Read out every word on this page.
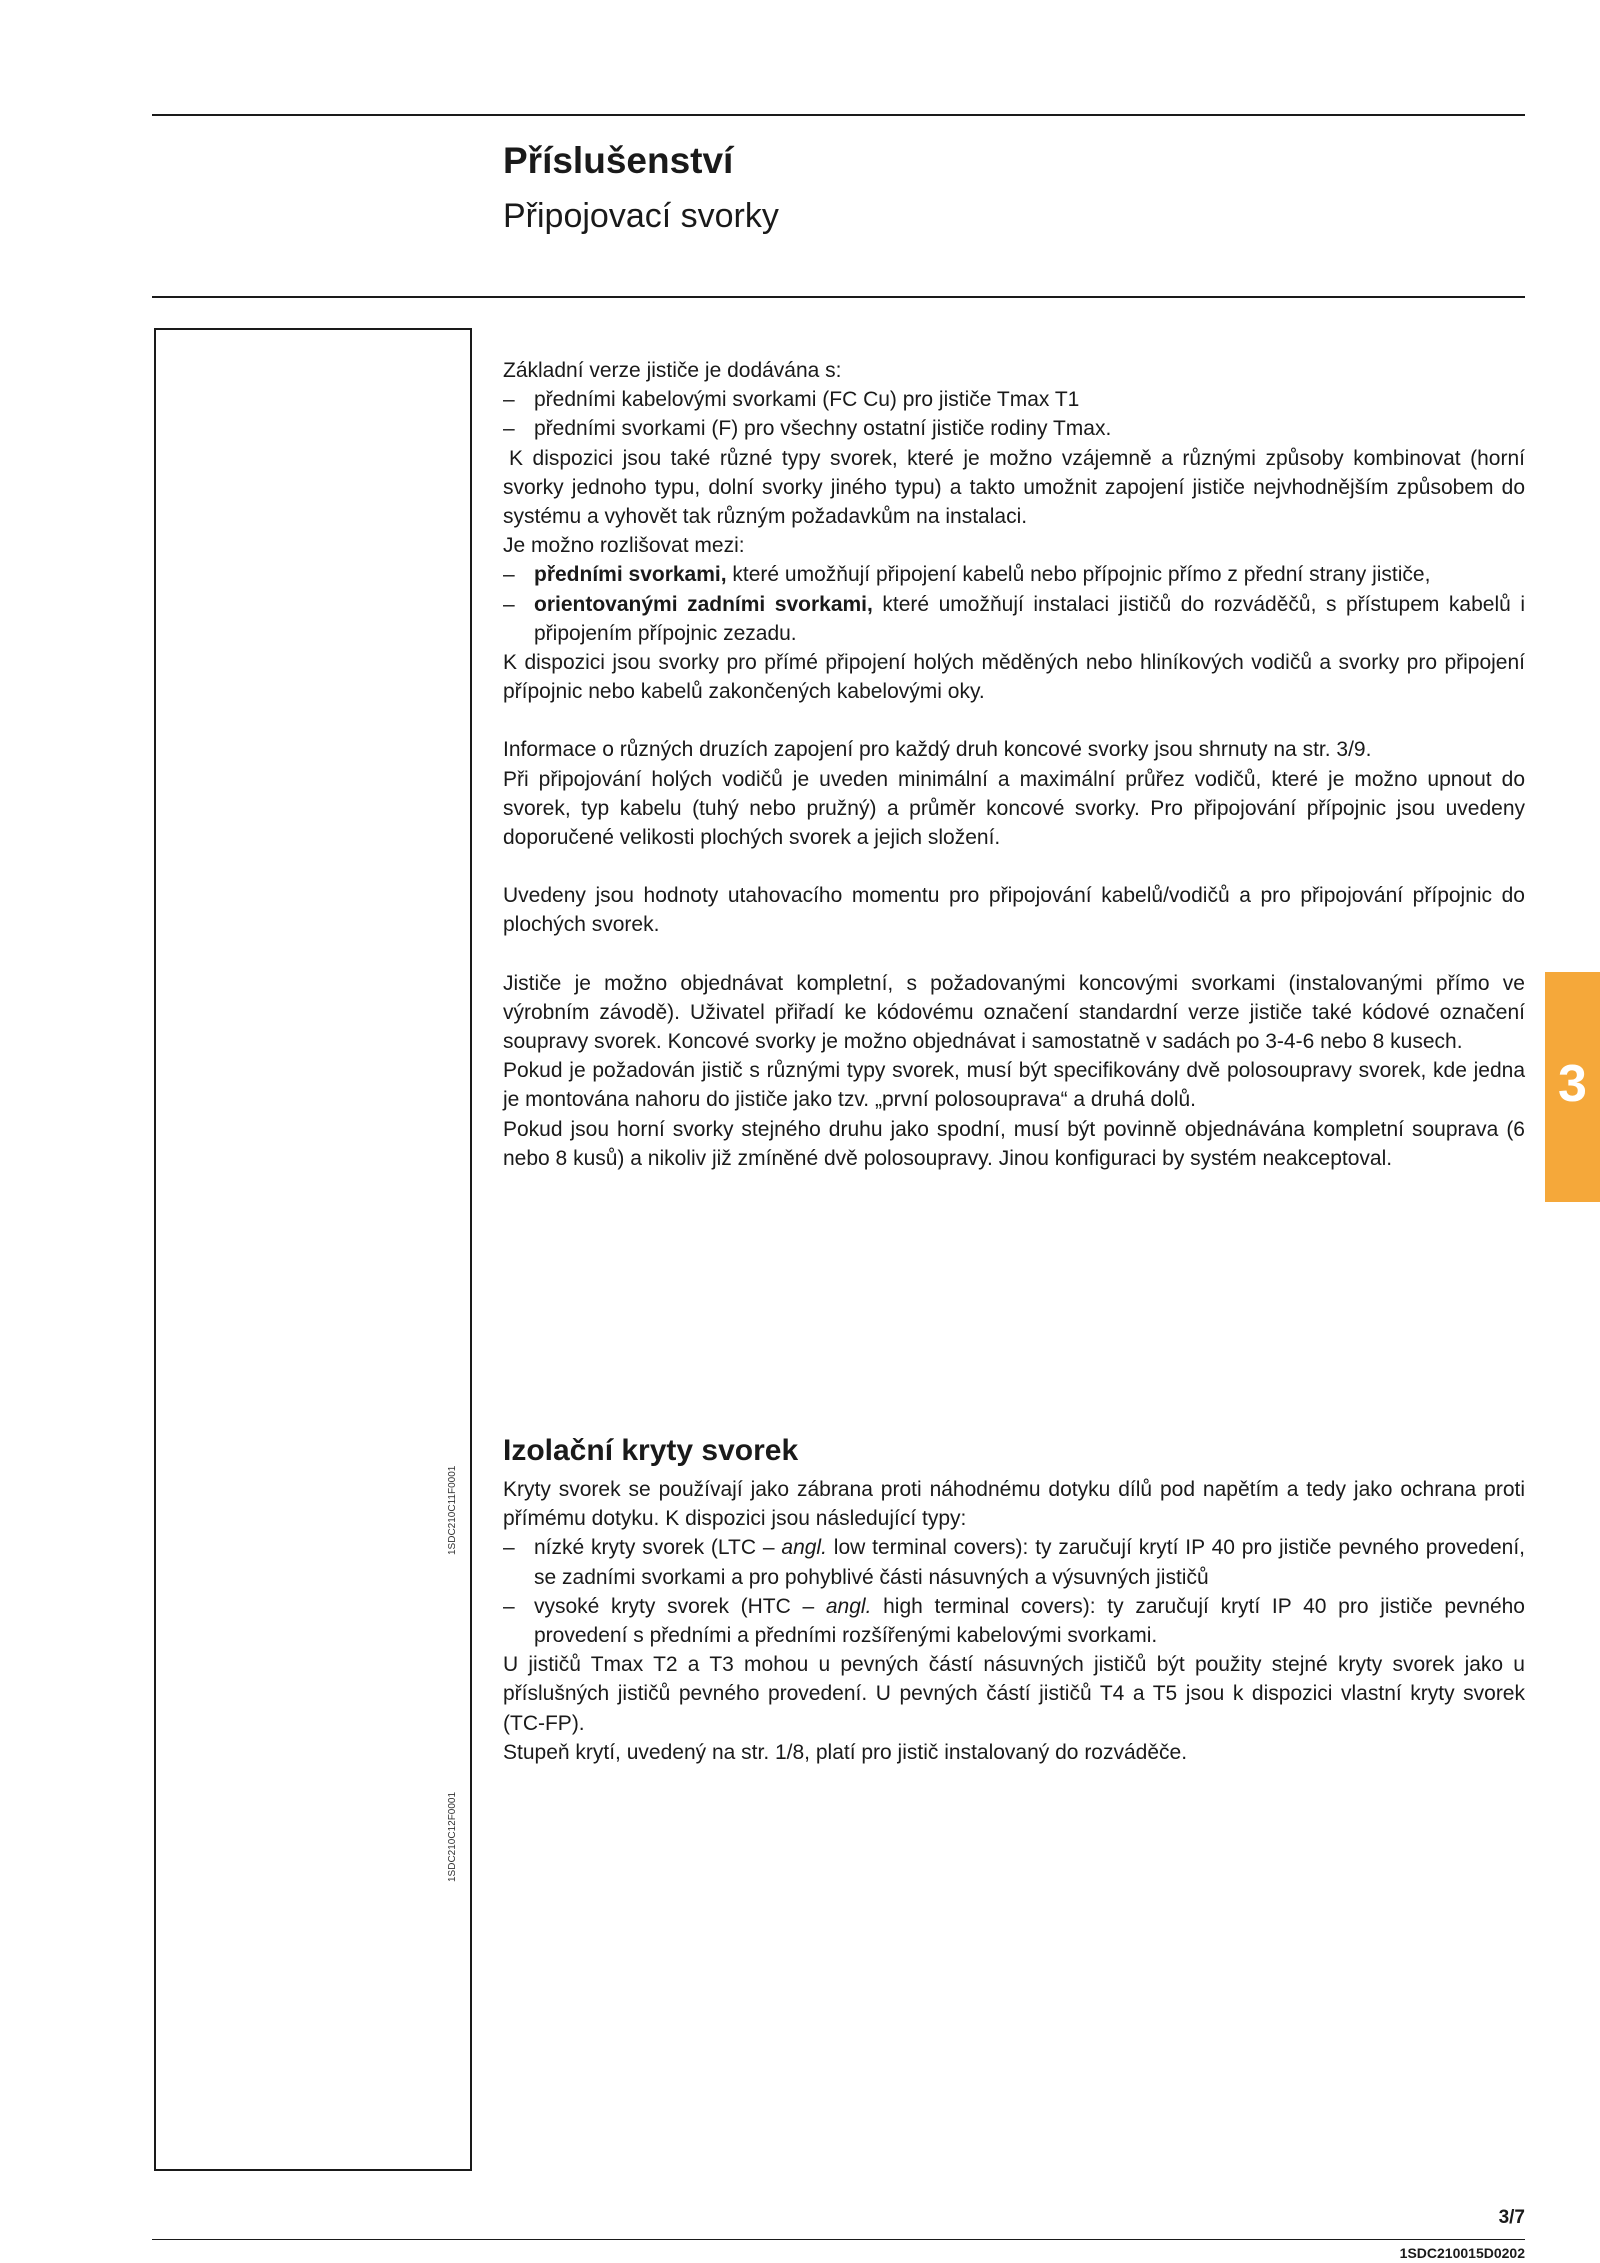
Příslušenství
Připojovací svorky
1SDC210C11F0001
1SDC210C12F0001

Základní verze jističe je dodávána s:

– předními kabelovými svorkami (FC Cu) pro jističe Tmax T1

– předními svorkami (F) pro všechny ostatní jističe rodiny Tmax.

K dispozici jsou také různé typy svorek, které je možno vzájemně a různými způsoby kombinovat (horní svorky jednoho typu, dolní svorky jiného typu) a takto umožnit zapojení jističe nejvhodnějším způsobem do systému a vyhovět tak různým požadavkům na instalaci.

Je možno rozlišovat mezi:

– předními svorkami, které umožňují připojení kabelů nebo přípojnic přímo z přední strany jističe,

– orientovanými zadními svorkami, které umožňují instalaci jističů do rozváděčů, s přístupem kabelů i připojením přípojnic zezadu.

K dispozici jsou svorky pro přímé připojení holých měděných nebo hliníkových vodičů a svorky pro připojení přípojnic nebo kabelů zakončených kabelovými oky.

Informace o různých druzích zapojení pro každý druh koncové svorky jsou shrnuty na str. 3/9.

Při připojování holých vodičů je uveden minimální a maximální průřez vodičů, které je možno upnout do svorek, typ kabelu (tuhý nebo pružný) a průměr koncové svorky. Pro připojování přípojnic jsou uvedeny doporučené velikosti plochých svorek a jejich složení.

Uvedeny jsou hodnoty utahovacího momentu pro připojování kabelů/vodičů a pro připojování přípojnic do plochých svorek.

Jističe je možno objednávat kompletní, s požadovanými koncovými svorkami (instalovanými přímo ve výrobním závodě). Uživatel přiřadí ke kódovému označení standardní verze jističe také kódové označení soupravy svorek. Koncové svorky je možno objednávat i samostatně v sadách po 3-4-6 nebo 8 kusech.

Pokud je požadován jistič s různými typy svorek, musí být specifikovány dvě polosoupravy svorek, kde jedna je montována nahoru do jističe jako tzv. „první polosouprava“ a druhá dolů.

Pokud jsou horní svorky stejného druhu jako spodní, musí být povinně objednávána kompletní souprava (6 nebo 8 kusů) a nikoliv již zmíněné dvě polosoupravy. Jinou konfiguraci by systém neakceptoval.

Izolační kryty svorek

Kryty svorek se používají jako zábrana proti náhodnému dotyku dílů pod napětím a tedy jako ochrana proti přímému dotyku. K dispozici jsou následující typy:

– nízké kryty svorek (LTC – angl. low terminal covers): ty zaručují krytí IP 40 pro jističe pevného provedení, se zadními svorkami a pro pohyblivé části násuvných a výsuvných jističů

– vysoké kryty svorek (HTC – angl. high terminal covers): ty zaručují krytí IP 40 pro jističe pevného provedení s předními a předními rozšířenými kabelovými svorkami.

U jističů Tmax T2 a T3 mohou u pevných částí násuvných jističů být použity stejné kryty svorek jako u příslušných jističů pevného provedení. U pevných částí jističů T4 a T5 jsou k dispozici vlastní kryty svorek (TC-FP).

Stupeň krytí, uvedený na str. 1/8, platí pro jistič instalovaný do rozváděče.

3
3/7
1SDC210015D0202
